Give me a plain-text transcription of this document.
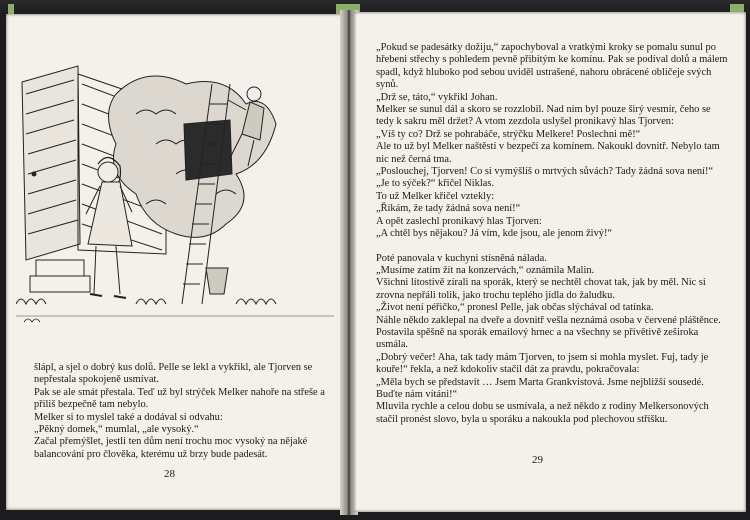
šlápl, a sjel o dobrý kus dolů. Pelle se lekl a vykřikl, ale Tjorven se nepřestala spokojeně usmívat.

Pak se ale smát přestala. Teď už byl strýček Melker nahoře na střeše a příliš bezpečně tam nebylo.

Melker si to myslel také a dodával si odvahu:

„Pěkný domek,“ mumlal, „ale vysoký.“

Začal přemýšlet, jestli ten dům není trochu moc vysoký na nějaké balancování pro člověka, kterému už brzy bude padesát.

28

„Pokud se padesátky dožiju,“ zapochyboval a vratkými kroky se pomalu sunul po hřebeni střechy s pohledem pevně přibitým ke komínu. Pak se podíval dolů a málem spadl, když hluboko pod sebou uviděl ustrašené, nahoru obrácené obličeje svých synů.

„Drž se, táto,“ vykřikl Johan.

Melker se sunul dál a skoro se rozzlobil. Nad ním byl pouze širý vesmír, čeho se tedy k sakru měl držet? A vtom zezdola uslyšel pronikavý hlas Tjorven:

„Víš ty co? Drž se pohrabáče, strýčku Melkere! Poslechni mě!“

Ale to už byl Melker naštěstí v bezpečí za komínem. Nakoukl dovnitř. Nebylo tam nic než černá tma.

„Poslouchej, Tjorven! Co si vymýšlíš o mrtvých sůvách? Tady žádná sova není!“

„Je to sýček?“ křičel Niklas.

To už Melker křičel vztekly:

„Říkám, že tady žádná sova není!“

A opět zaslechl pronikavý hlas Tjorven:

„A chtěl bys nějakou? Já vím, kde jsou, ale jenom živý!“

Poté panovala v kuchyni stísněná nálada.

„Musíme zatím žít na konzervách,“ oznámila Malin.

Všichni lítostivě zírali na sporák, který se nechtěl chovat tak, jak by měl. Nic si zrovna nepřáli tolik, jako trochu teplého jídla do žaludku.

„Život není péřičko,“ pronesl Pelle, jak občas slýchával od tatínka.

Náhle někdo zaklepal na dveře a dovnitř vešla neznámá osoba v červené pláštěnce. Postavila spěšně na sporák emailový hrnec a na všechny se přívětivě zeširoka usmála.

„Dobrý večer! Aha, tak tady mám Tjorven, to jsem si mohla myslet. Fuj, tady je kouře!“ řekla, a než kdokoliv stačil dát za pravdu, pokračovala:

„Měla bych se představit … Jsem Marta Grankvistová. Jsme nejbližší sousedé. Buďte nám vítáni!“

Mluvila rychle a celou dobu se usmívala, a než někdo z rodiny Melkersonových stačil pronést slovo, byla u sporáku a nakoukla pod plechovou stříšku.

29
